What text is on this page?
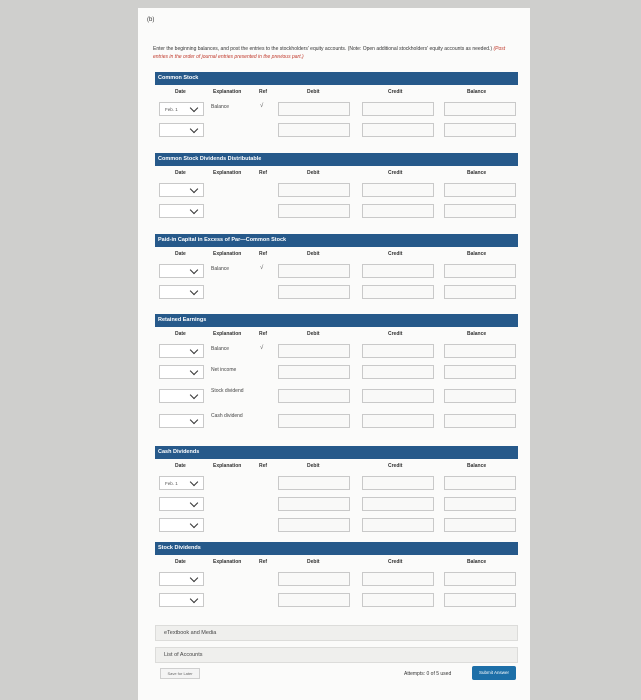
(b)
Enter the beginning balances, and post the entries to the stockholders' equity accounts. (Note: Open additional stockholders' equity accounts as needed.) (Post entries in the order of journal entries presented in the previous part.)
Common Stock
Date	Explanation	Ref	Debit	Credit	Balance
Feb. 1	Balance	√
Common Stock Dividends Distributable
Date	Explanation	Ref	Debit	Credit	Balance
Paid-in Capital in Excess of Par—Common Stock
Date	Explanation	Ref	Debit	Credit	Balance
Balance	√
Retained Earnings
Date	Explanation	Ref	Debit	Credit	Balance
Balance	√
Net income
Stock dividend
Cash dividend
Cash Dividends
Date	Explanation	Ref	Debit	Credit	Balance
Feb. 1
Stock Dividends
Date	Explanation	Ref	Debit	Credit	Balance
eTextbook and Media
List of Accounts
Save for Later	Attempts: 0 of 5 used	Submit Answer
